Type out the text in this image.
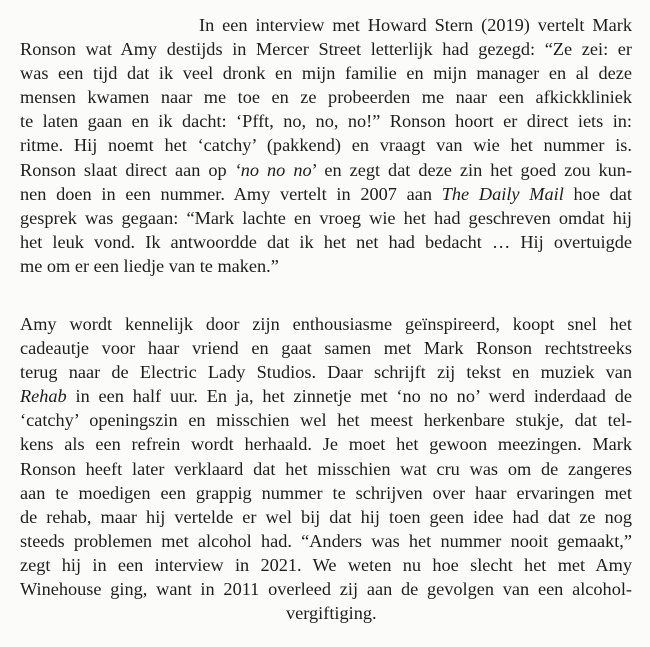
In een interview met Howard Stern (2019) vertelt Mark
Ronson wat Amy destijds in Mercer Street letterlijk had gezegd: “Ze zei: er
was een tijd dat ik veel dronk en mijn familie en mijn manager en al deze
mensen kwamen naar me toe en ze probeerden me naar een afkickkliniek
te laten gaan en ik dacht: ‘Pfft, no, no, no!” Ronson hoort er direct iets in:
ritme. Hij noemt het ‘catchy’ (pakkend) en vraagt van wie het nummer is.
Ronson slaat direct aan op ‘no no no’ en zegt dat deze zin het goed zou kun-
nen doen in een nummer. Amy vertelt in 2007 aan The Daily Mail hoe dat
gesprek was gegaan: “Mark lachte en vroeg wie het had geschreven omdat hij
het leuk vond. Ik antwoordde dat ik het net had bedacht … Hij overtuigde
me om er een liedje van te maken.”
Amy wordt kennelijk door zijn enthousiasme geïnspireerd, koopt snel het
cadeautje voor haar vriend en gaat samen met Mark Ronson rechtstreeks
terug naar de Electric Lady Studios. Daar schrijft zij tekst en muziek van
Rehab in een half uur. En ja, het zinnetje met ‘no no no’ werd inderdaad de
‘catchy’ openingszin en misschien wel het meest herkenbare stukje, dat tel-
kens als een refrein wordt herhaald. Je moet het gewoon meezingen. Mark
Ronson heeft later verklaard dat het misschien wat cru was om de zangeres
aan te moedigen een grappig nummer te schrijven over haar ervaringen met
de rehab, maar hij vertelde er wel bij dat hij toen geen idee had dat ze nog
steeds problemen met alcohol had. “Anders was het nummer nooit gemaakt,”
zegt hij in een interview in 2021. We weten nu hoe slecht het met Amy
Winehouse ging, want in 2011 overleed zij aan de gevolgen van een alcohol-
vergiftiging.
